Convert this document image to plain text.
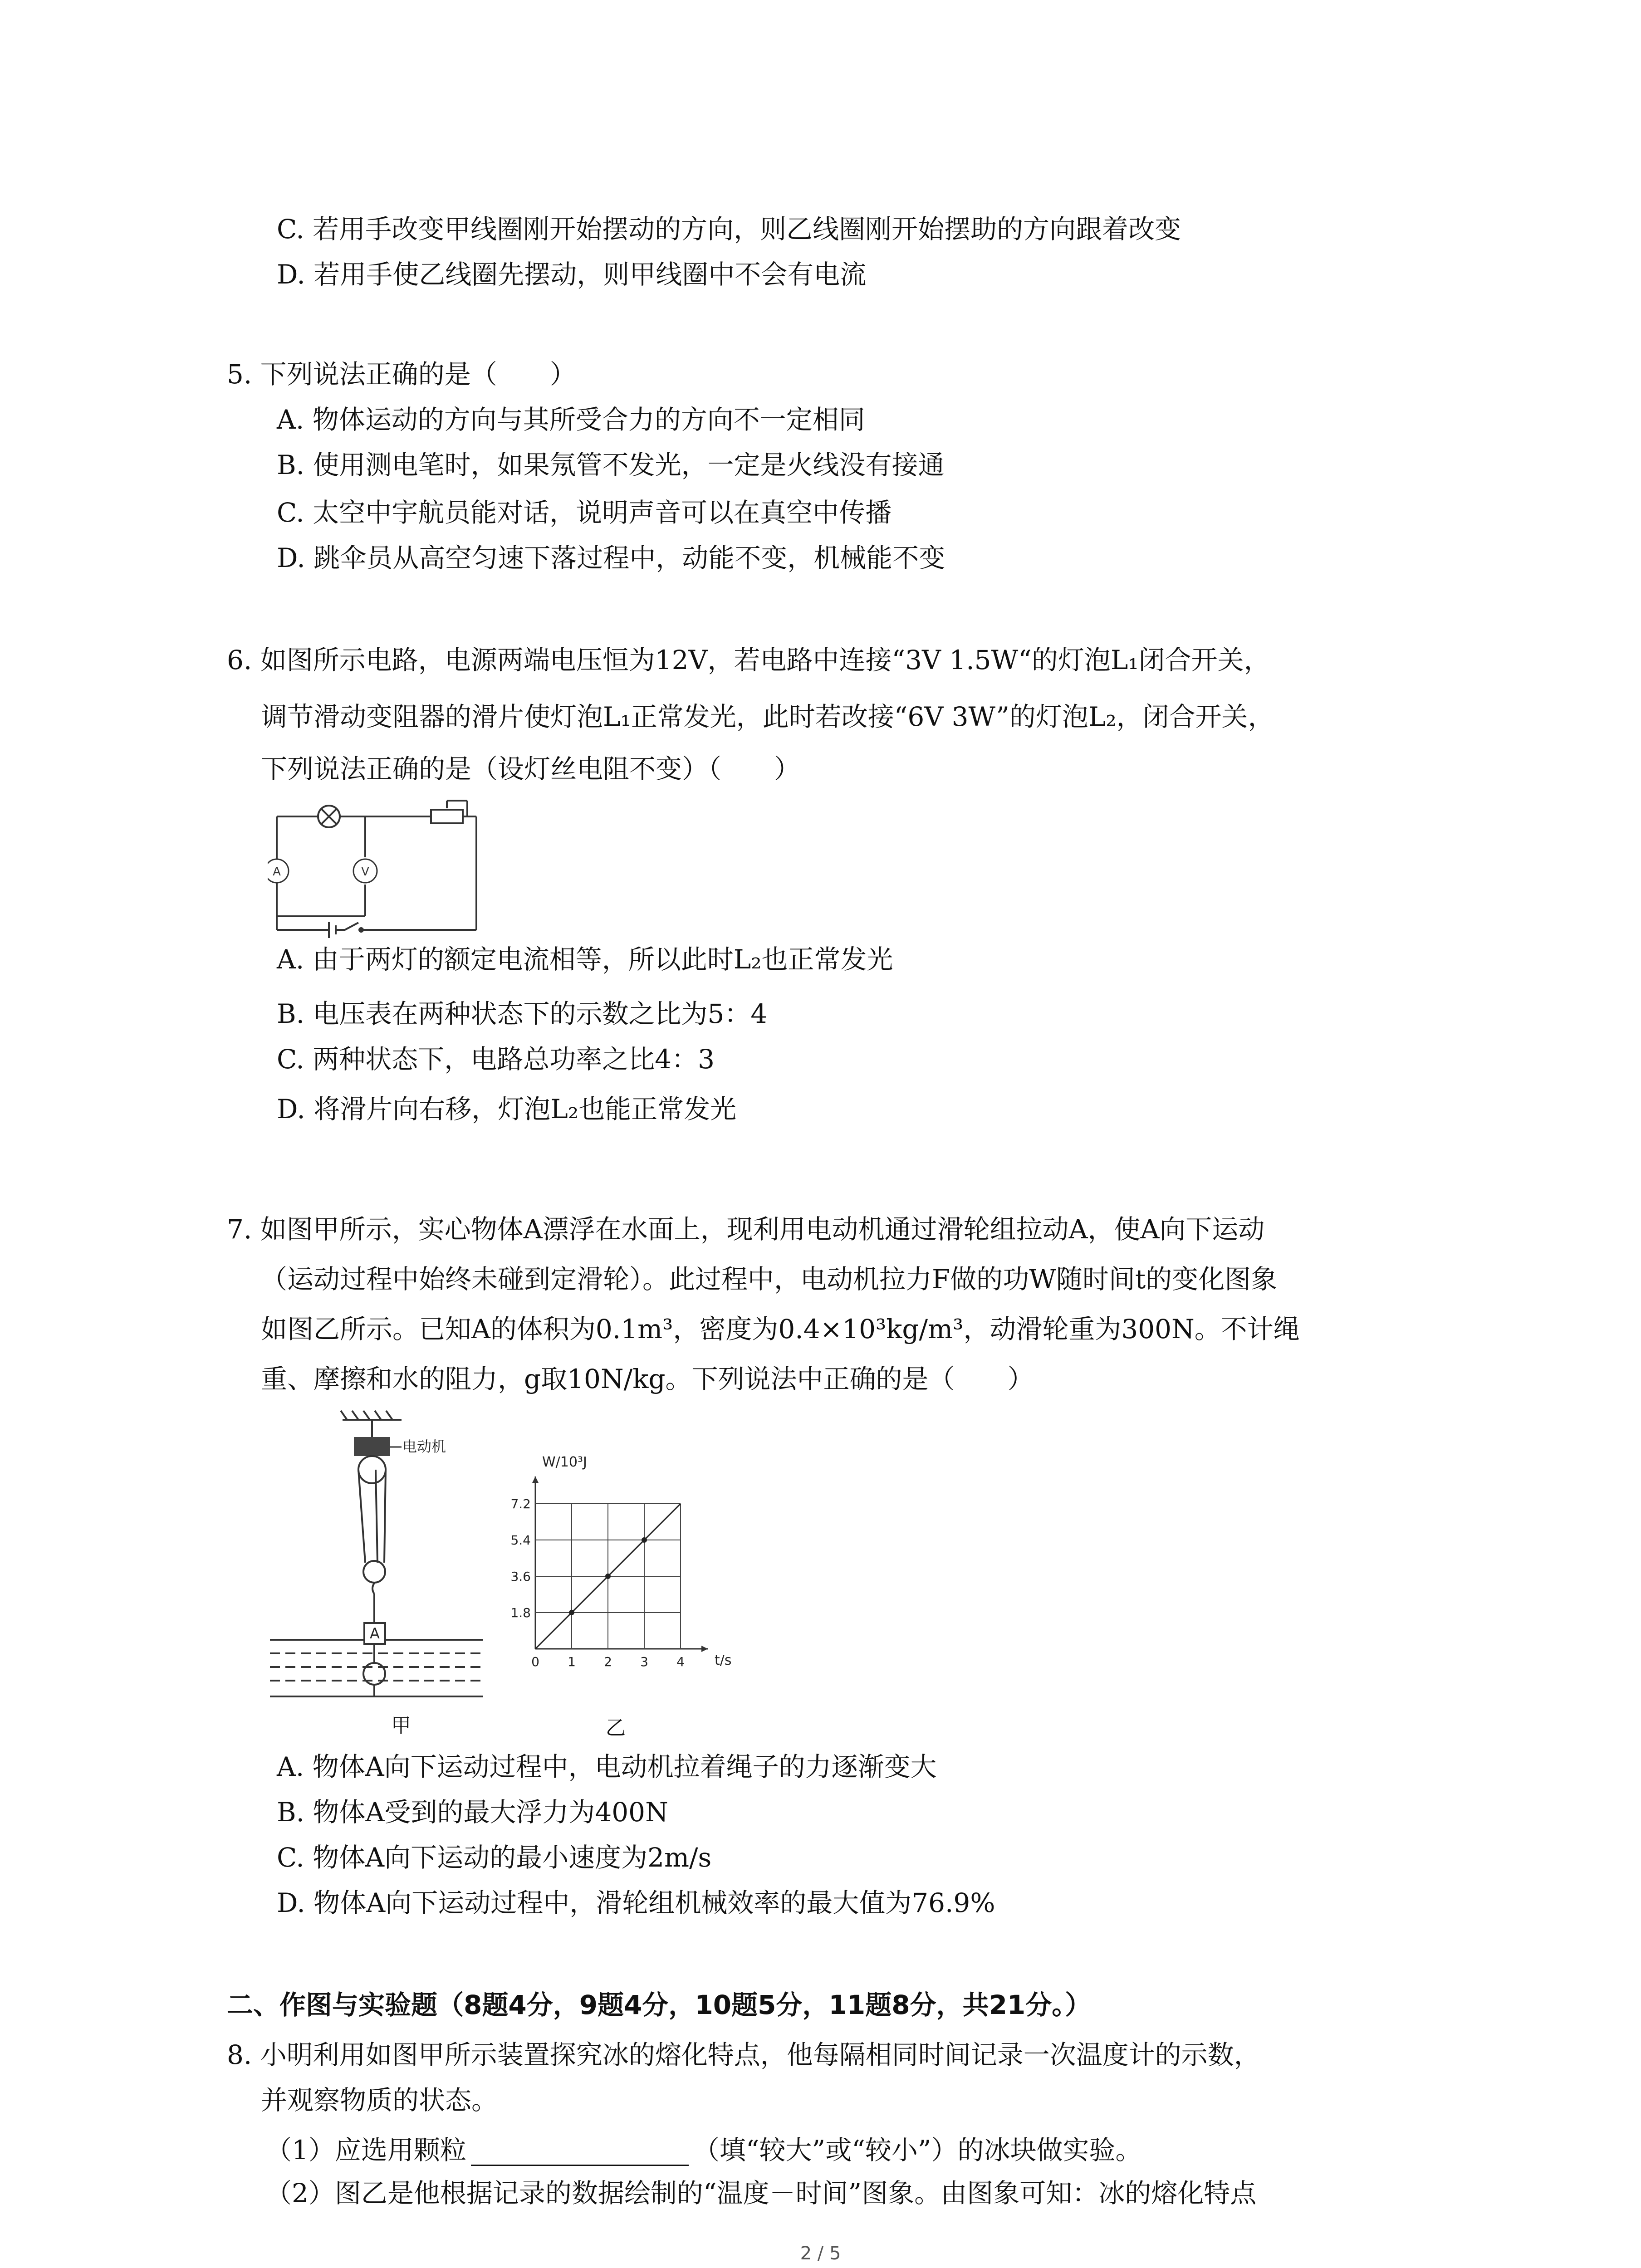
C. 若用手改变甲线圈刚开始摆动的方向，则乙线圈刚开始摆助的方向跟着改变
D. 若用手使乙线圈先摆动，则甲线圈中不会有电流
5. 下列说法正确的是（　　）
A. 物体运动的方向与其所受合力的方向不一定相同
B. 使用测电笔时，如果氖管不发光，一定是火线没有接通
C. 太空中宇航员能对话，说明声音可以在真空中传播
D. 跳伞员从高空匀速下落过程中，动能不变，机械能不变
6. 如图所示电路，电源两端电压恒为12V，若电路中连接“3V 1.5W“的灯泡L₁闭合开关，
调节滑动变阻器的滑片使灯泡L₁正常发光，此时若改接“6V 3W”的灯泡L₂，闭合开关，
下列说法正确的是（设灯丝电阻不变）（　　）
A	V
A. 由于两灯的额定电流相等，所以此时L₂也正常发光
B. 电压表在两种状态下的示数之比为5：4
C. 两种状态下，电路总功率之比4：3
D. 将滑片向右移，灯泡L₂也能正常发光
7. 如图甲所示，实心物体A漂浮在水面上，现利用电动机通过滑轮组拉动A，使A向下运动
（运动过程中始终未碰到定滑轮）。此过程中，电动机拉力F做的功W随时间t的变化图象
如图乙所示。已知A的体积为0.1m³，密度为0.4×10³kg/m³，动滑轮重为300N。不计绳
重、摩擦和水的阻力，g取10N/kg。下列说法中正确的是（　　）
电动机
A
甲
W/10³J
t/s
0 1 2 3 4
1.8
3.6
5.4
7.2
乙
A. 物体A向下运动过程中，电动机拉着绳子的力逐渐变大
B. 物体A受到的最大浮力为400N
C. 物体A向下运动的最小速度为2m/s
D. 物体A向下运动过程中，滑轮组机械效率的最大值为76.9%
二、作图与实验题（8题4分，9题4分，10题5分，11题8分，共21分。）
8. 小明利用如图甲所示装置探究冰的熔化特点，他每隔相同时间记录一次温度计的示数，
并观察物质的状态。
（1）应选用颗粒	（填“较大”或“较小”）的冰块做实验。
（2）图乙是他根据记录的数据绘制的“温度－时间”图象。由图象可知：冰的熔化特点
2 / 5
